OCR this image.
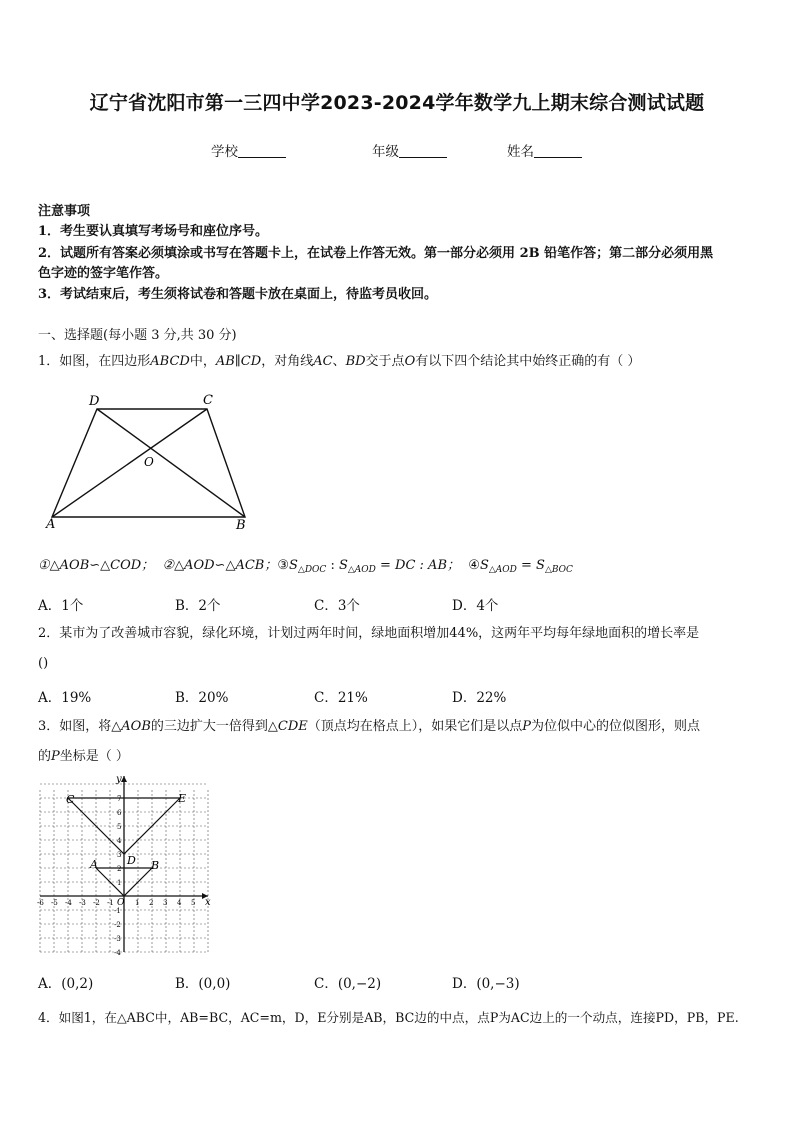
辽宁省沈阳市第一三四中学2023-2024学年数学九上期末综合测试试题
学校	年级	姓名
注意事项
1．考生要认真填写考场号和座位序号。
2．试题所有答案必须填涂或书写在答题卡上，在试卷上作答无效。第一部分必须用 2B 铅笔作答；第二部分必须用黑
色字迹的签字笔作答。
3．考试结束后，考生须将试卷和答题卡放在桌面上，待监考员收回。
一、选择题(每小题 3 分,共 30 分)
1．如图，在四边形ABCD中，AB∥CD，对角线AC、BD交于点O有以下四个结论其中始终正确的有（ ）
D	C
O
A	B
①△AOB∽△COD； ②△AOD∽△ACB；$③S_{\triangle DOC}$ : $S_{\triangle AOD}$ = DC : AB； $④S_{\triangle AOD} = S_{\triangle BOC}$
A．1个	B．2个	C．3个	D．4个
2．某市为了改善城市容貌，绿化环境，计划过两年时间，绿地面积增加44%，这两年平均每年绿地面积的增长率是
()
A．19%	B．20%	C．21%	D．22%
3．如图，将△AOB的三边扩大一倍得到△CDE（顶点均在格点上），如果它们是以点P为位似中心的位似图形，则点
的P坐标是（ ）
-6 -5 -4 -3 -2 -1	1 2 3 4 5
7
6
5
4
3
2
1
-1
-2
-3
-4
x
y
O
C	E
D
A	B
A．(0,2)	B．(0,0)	C．(0,−2)	D．(0,−3)
4．如图1，在△ABC中，AB=BC，AC=m，D，E分别是AB，BC边的中点，点P为AC边上的一个动点，连接PD，PB，PE.
